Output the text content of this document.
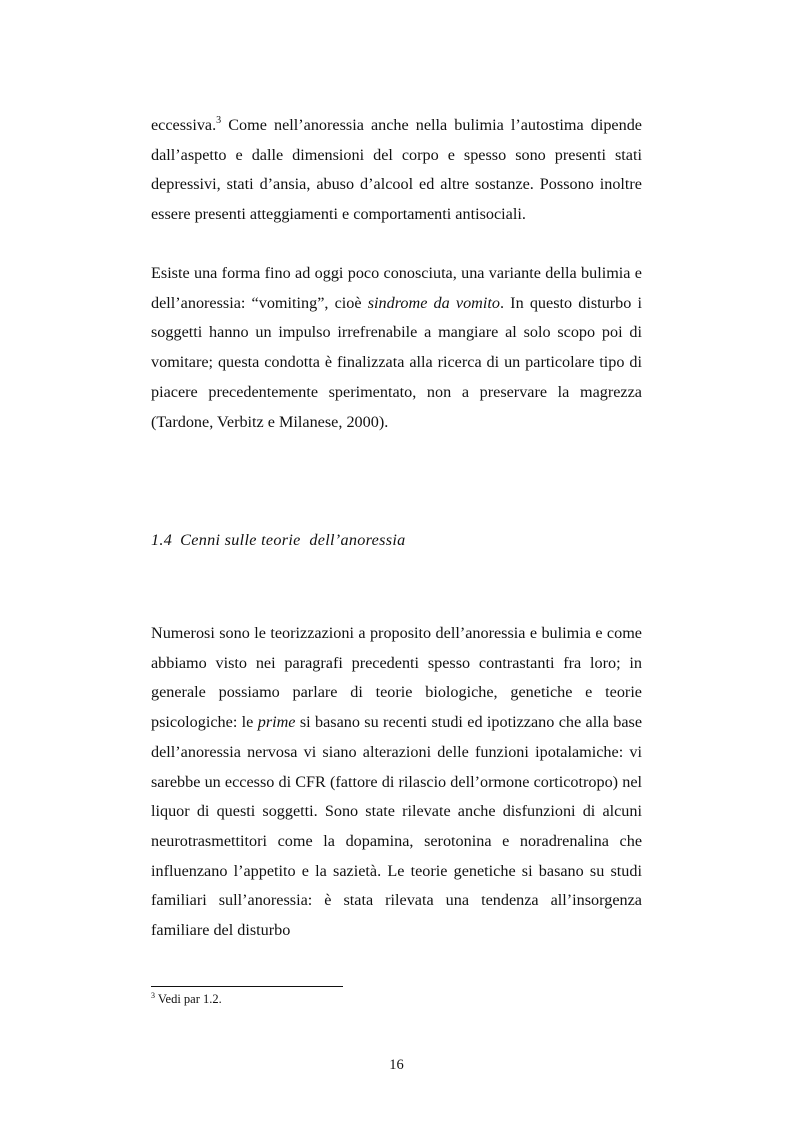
eccessiva.$^3$ Come nell’anoressia anche nella bulimia l’autostima dipende dall’aspetto e dalle dimensioni del corpo e spesso sono presenti stati depressivi, stati d’ansia, abuso d’alcool ed altre sostanze. Possono inoltre essere presenti atteggiamenti e comportamenti antisociali.

Esiste una forma fino ad oggi poco conosciuta, una variante della bulimia e dell’anoressia: “vomiting”, cioè sindrome da vomito. In questo disturbo i soggetti hanno un impulso irrefrenabile a mangiare al solo scopo poi di vomitare; questa condotta è finalizzata alla ricerca di un particolare tipo di piacere precedentemente sperimentato, non a preservare la magrezza (Tardone, Verbitz e Milanese, 2000).

1.4 Cenni sulle teorie  dell’anoressia

Numerosi sono le teorizzazioni a proposito dell’anoressia e bulimia e come abbiamo visto nei paragrafi precedenti spesso contrastanti fra loro; in generale possiamo parlare di teorie biologiche, genetiche e teorie psicologiche: le prime si basano su recenti studi ed ipotizzano che alla base dell’anoressia nervosa vi siano alterazioni delle funzioni ipotalamiche: vi sarebbe un eccesso di CFR (fattore di rilascio dell’ormone corticotropo) nel liquor di questi soggetti. Sono state rilevate anche disfunzioni di alcuni neurotrasmettitori come la dopamina, serotonina e noradrenalina che influenzano l’appetito e la sazietà. Le teorie genetiche si basano su studi familiari sull’anoressia: è stata rilevata una tendenza all’insorgenza familiare del disturbo

$^3$ Vedi par 1.2.
16
